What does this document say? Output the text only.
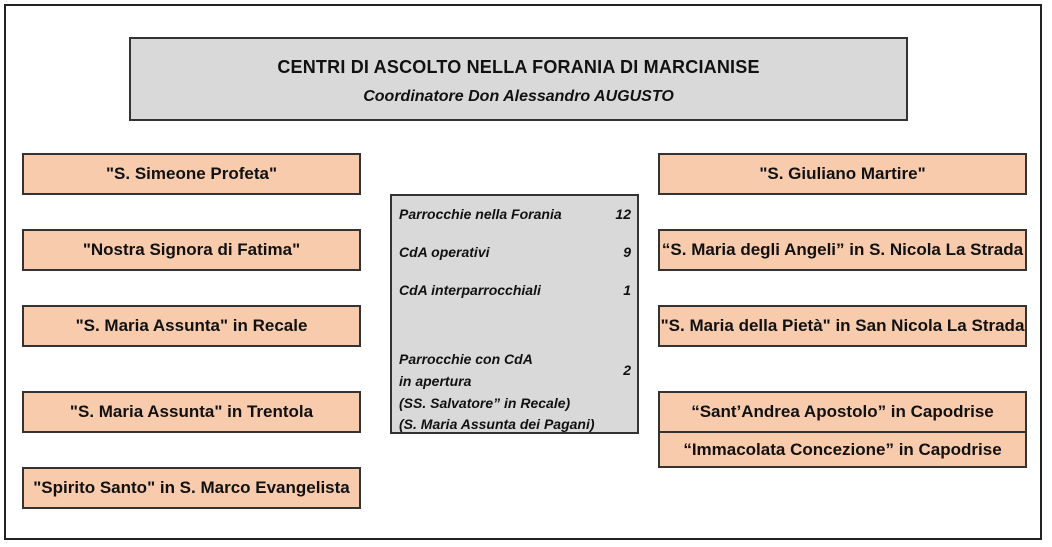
CENTRI DI ASCOLTO NELLA FORANIA DI MARCIANISE
Coordinatore Don Alessandro AUGUSTO
"S. Simeone Profeta"
"Nostra Signora di Fatima"
"S. Maria Assunta" in Recale
"S. Maria Assunta" in Trentola
"Spirito Santo" in S. Marco Evangelista
"S. Giuliano Martire"
“S. Maria degli Angeli” in S. Nicola La Strada
"S. Maria della Pietà" in San Nicola La Strada
“Sant’Andrea Apostolo” in Capodrise
“Immacolata Concezione” in Capodrise
Parrocchie nella Forania	12
CdA operativi	9
CdA interparrocchiali	1
Parrocchie con CdA
in apertura
(SS. Salvatore” in Recale)
(S. Maria Assunta dei Pagani)
2
